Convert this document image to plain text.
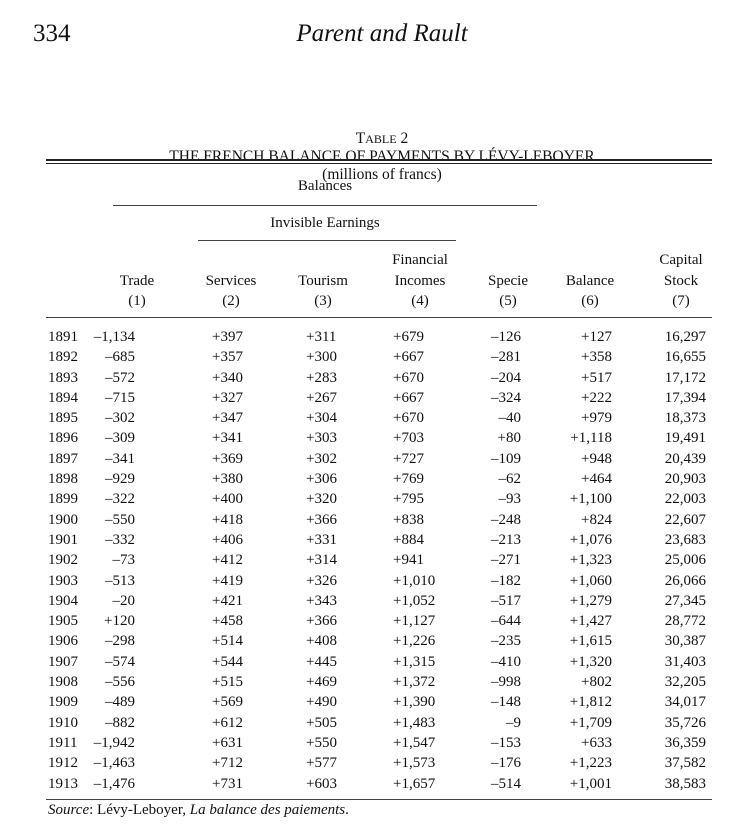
334	Parent and Rault
TABLE 2
THE FRENCH BALANCE OF PAYMENTS BY LÉVY-LEBOYER
(millions of francs)
Balances
Invisible Earnings

Trade
(1)

Services
(2)

Tourism
(3)
Financial
Incomes
(4)

Specie
(5)

Balance
(6)
Capital
Stock
(7)
1891 –1,134	+397	+311	+679	–126	+127	16,297
1892 –685	+357	+300	+667	–281	+358	16,655
1893 –572	+340	+283	+670	–204	+517	17,172
1894 –715	+327	+267	+667	–324	+222	17,394
1895 –302	+347	+304	+670	–40	+979	18,373
1896 –309	+341	+303	+703	+80	+1,118	19,491
1897 –341	+369	+302	+727	–109	+948	20,439
1898 –929	+380	+306	+769	–62	+464	20,903
1899 –322	+400	+320	+795	–93	+1,100	22,003
1900 –550	+418	+366	+838	–248	+824	22,607
1901 –332	+406	+331	+884	–213	+1,076	23,683
1902 –73	+412	+314	+941	–271	+1,323	25,006
1903 –513	+419	+326	+1,010	–182	+1,060	26,066
1904 –20	+421	+343	+1,052	–517	+1,279	27,345
1905 +120	+458	+366	+1,127	–644	+1,427	28,772
1906 –298	+514	+408	+1,226	–235	+1,615	30,387
1907 –574	+544	+445	+1,315	–410	+1,320	31,403
1908 –556	+515	+469	+1,372	–998	+802	32,205
1909 –489	+569	+490	+1,390	–148	+1,812	34,017
1910 –882	+612	+505	+1,483	–9	+1,709	35,726
1911 –1,942	+631	+550	+1,547	–153	+633	36,359
1912 –1,463	+712	+577	+1,573	–176	+1,223	37,582
1913 –1,476	+731	+603	+1,657	–514	+1,001	38,583
Source: Lévy-Leboyer, La balance des paiements.
